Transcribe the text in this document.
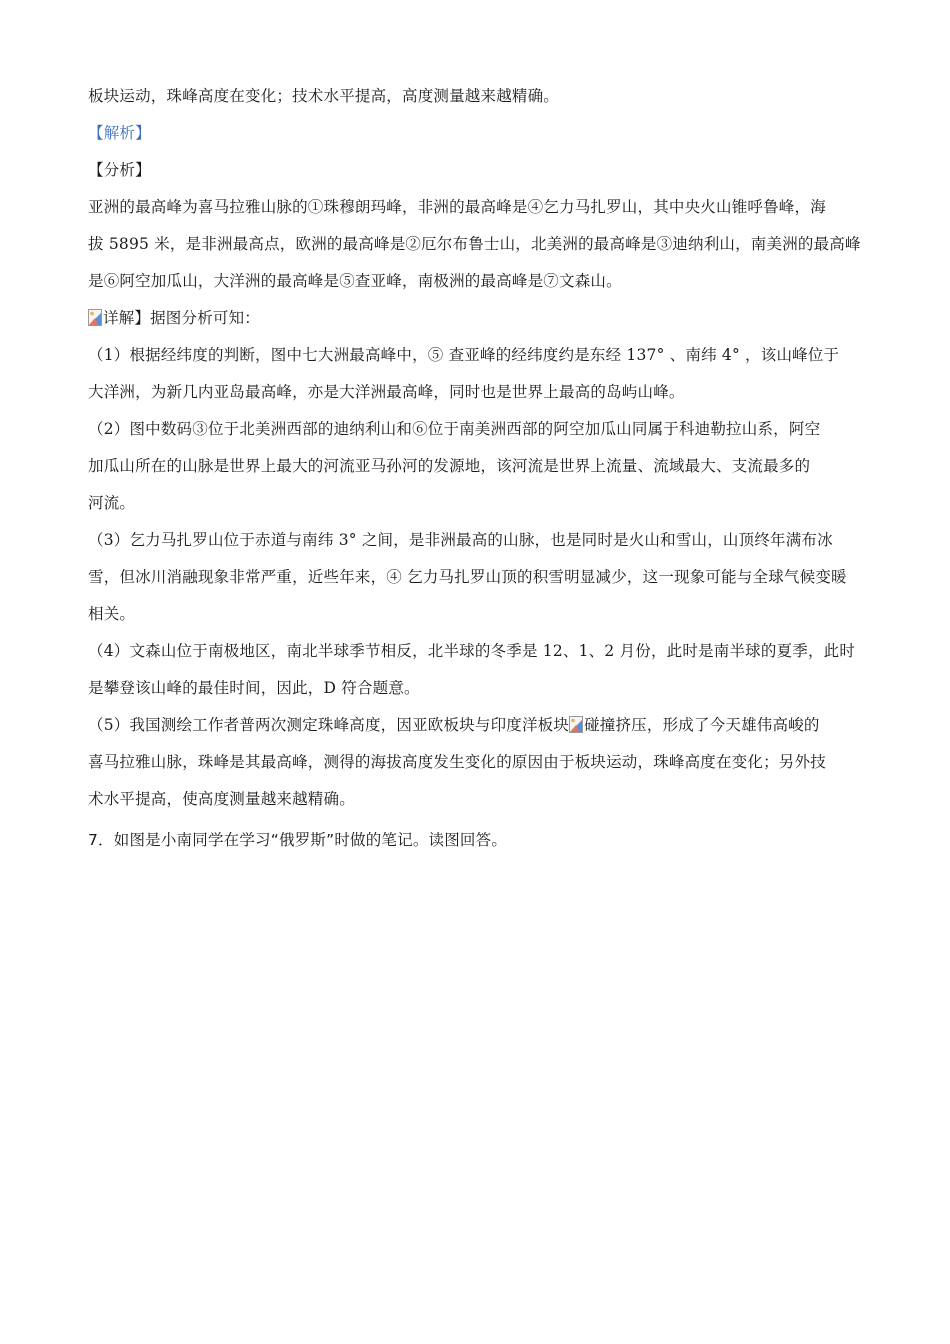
板块运动，珠峰高度在变化；技术水平提高，高度测量越来越精确。
【解析】
【分析】
亚洲的最高峰为喜马拉雅山脉的①珠穆朗玛峰，非洲的最高峰是④乞力马扎罗山，其中央火山锥呼鲁峰，海
拔 5895 米，是非洲最高点，欧洲的最高峰是②厄尔布鲁士山，北美洲的最高峰是③迪纳利山，南美洲的最高峰
是⑥阿空加瓜山，大洋洲的最高峰是⑤查亚峰，南极洲的最高峰是⑦文森山。
详解】据图分析可知：
（1）根据经纬度的判断，图中七大洲最高峰中，⑤ 查亚峰的经纬度约是东经 137° 、南纬 4° ，该山峰位于
大洋洲，为新几内亚岛最高峰，亦是大洋洲最高峰，同时也是世界上最高的岛屿山峰。
（2）图中数码③位于北美洲西部的迪纳利山和⑥位于南美洲西部的阿空加瓜山同属于科迪勒拉山系，阿空
加瓜山所在的山脉是世界上最大的河流亚马孙河的发源地，该河流是世界上流量、流域最大、支流最多的
河流。
（3）乞力马扎罗山位于赤道与南纬 3° 之间，是非洲最高的山脉，也是同时是火山和雪山，山顶终年满布冰
雪，但冰川消融现象非常严重，近些年来，④ 乞力马扎罗山顶的积雪明显减少，这一现象可能与全球气候变暖
相关。
（4）文森山位于南极地区，南北半球季节相反，北半球的冬季是 12、1、2 月份，此时是南半球的夏季，此时
是攀登该山峰的最佳时间，因此，D 符合题意。
（5）我国测绘工作者普两次测定珠峰高度，因亚欧板块与印度洋板块 碰撞挤压，形成了今天雄伟高峻的
喜马拉雅山脉，珠峰是其最高峰，测得的海拔高度发生变化的原因由于板块运动，珠峰高度在变化；另外技
术水平提高，使高度测量越来越精确。
7．如图是小南同学在学习“俄罗斯”时做的笔记。读图回答。
